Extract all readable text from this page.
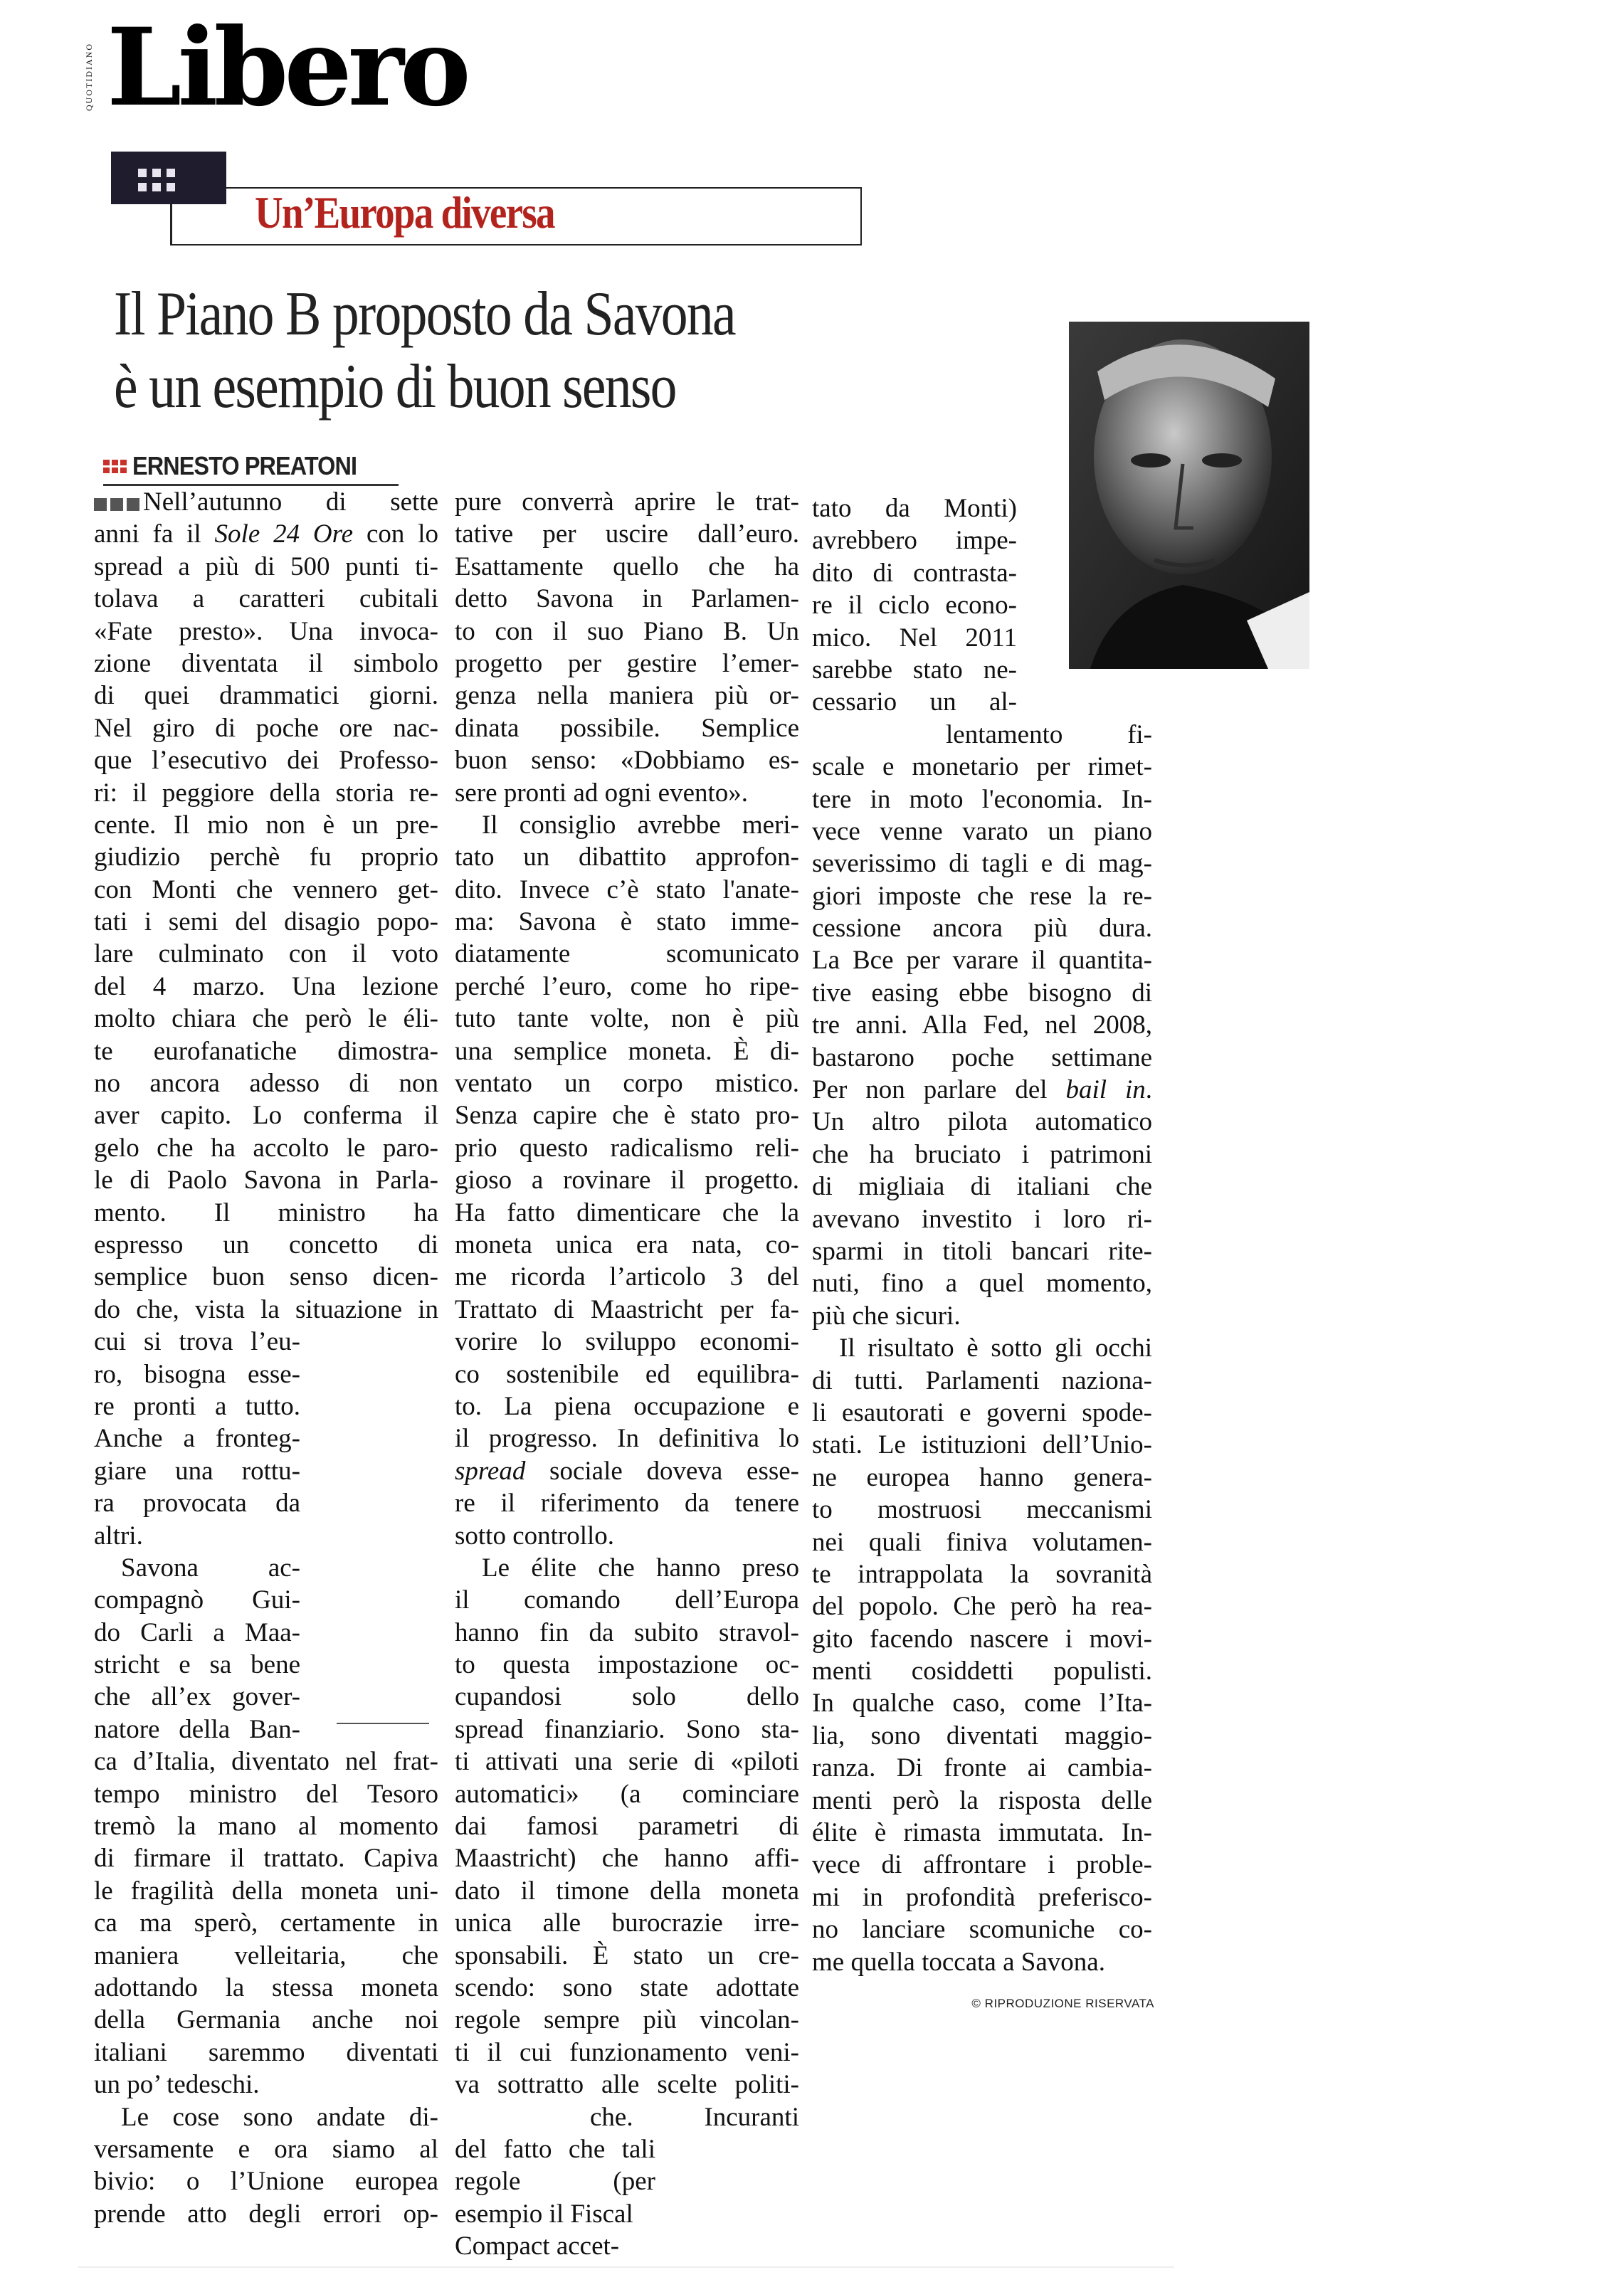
QUOTIDIANO Libero
Un’Europa diversa
Il Piano B proposto da Savona
è un esempio di buon senso
ERNESTO PREATONI
Nell’autunno di sette
anni fa il Sole 24 Ore con lo
spread a più di 500 punti ti-
tolava a caratteri cubitali
«Fate presto». Una invoca-
zione diventata il simbolo
di quei drammatici giorni.
Nel giro di poche ore nac-
que l’esecutivo dei Professo-
ri: il peggiore della storia re-
cente. Il mio non è un pre-
giudizio perchè fu proprio
con Monti che vennero get-
tati i semi del disagio popo-
lare culminato con il voto
del 4 marzo. Una lezione
molto chiara che però le éli-
te eurofanatiche dimostra-
no ancora adesso di non
aver capito. Lo conferma il
gelo che ha accolto le paro-
le di Paolo Savona in Parla-
mento. Il ministro ha
espresso un concetto di
semplice buon senso dicen-
do che, vista la situazione in
cui si trova l’eu-
ro, bisogna esse-
re pronti a tutto.
Anche a fronteg-
giare una rottu-
ra provocata da
altri.
Savona ac-
compagnò Gui-
do Carli a Maa-
stricht e sa bene
che all’ex gover-
natore della Ban-
ca d’Italia, diventato nel frat-
tempo ministro del Tesoro
tremò la mano al momento
di firmare il trattato. Capiva
le fragilità della moneta uni-
ca ma sperò, certamente in
maniera velleitaria, che
adottando la stessa moneta
della Germania anche noi
italiani saremmo diventati
un po’ tedeschi.
Le cose sono andate di-
versamente e ora siamo al
bivio: o l’Unione europea
prende atto degli errori op-
pure converrà aprire le trat-
tative per uscire dall’euro.
Esattamente quello che ha
detto Savona in Parlamen-
to con il suo Piano B. Un
progetto per gestire l’emer-
genza nella maniera più or-
dinata possibile. Semplice
buon senso: «Dobbiamo es-
sere pronti ad ogni evento».
Il consiglio avrebbe meri-
tato un dibattito approfon-
dito. Invece c’è stato l'anate-
ma: Savona è stato imme-
diatamente scomunicato
perché l’euro, come ho ripe-
tuto tante volte, non è più
una semplice moneta. È di-
ventato un corpo mistico.
Senza capire che è stato pro-
prio questo radicalismo reli-
gioso a rovinare il progetto.
Ha fatto dimenticare che la
moneta unica era nata, co-
me ricorda l’articolo 3 del
Trattato di Maastricht per fa-
vorire lo sviluppo economi-
co sostenibile ed equilibra-
to. La piena occupazione e
il progresso. In definitiva lo
spread sociale doveva esse-
re il riferimento da tenere
sotto controllo.
Le élite che hanno preso
il comando dell’Europa
hanno fin da subito stravol-
to questa impostazione oc-
cupandosi solo dello
spread finanziario. Sono sta-
ti attivati una serie di «piloti
automatici» (a cominciare
dai famosi parametri di
Maastricht) che hanno affi-
dato il timone della moneta
unica alle burocrazie irre-
sponsabili. È stato un cre-
scendo: sono state adottate
regole sempre più vincolan-
ti il cui funzionamento veni-
va sottratto alle scelte politi-
che. Incuranti
del fatto che tali
regole (per
esempio il Fiscal
Compact accet-
tato da Monti)
avrebbero impe-
dito di contrasta-
re il ciclo econo-
mico. Nel 2011
sarebbe stato ne-
cessario un al-
lentamento fi-
scale e monetario per rimet-
tere in moto l'economia. In-
vece venne varato un piano
severissimo di tagli e di mag-
giori imposte che rese la re-
cessione ancora più dura.
La Bce per varare il quantita-
tive easing ebbe bisogno di
tre anni. Alla Fed, nel 2008,
bastarono poche settimane
Per non parlare del bail in.
Un altro pilota automatico
che ha bruciato i patrimoni
di migliaia di italiani che
avevano investito i loro ri-
sparmi in titoli bancari rite-
nuti, fino a quel momento,
più che sicuri.
Il risultato è sotto gli occhi
di tutti. Parlamenti naziona-
li esautorati e governi spode-
stati. Le istituzioni dell’Unio-
ne europea hanno genera-
to mostruosi meccanismi
nei quali finiva volutamen-
te intrappolata la sovranità
del popolo. Che però ha rea-
gito facendo nascere i movi-
menti cosiddetti populisti.
In qualche caso, come l’Ita-
lia, sono diventati maggio-
ranza. Di fronte ai cambia-
menti però la risposta delle
élite è rimasta immutata. In-
vece di affrontare i proble-
mi in profondità preferisco-
no lanciare scomuniche co-
me quella toccata a Savona.
© RIPRODUZIONE RISERVATA
